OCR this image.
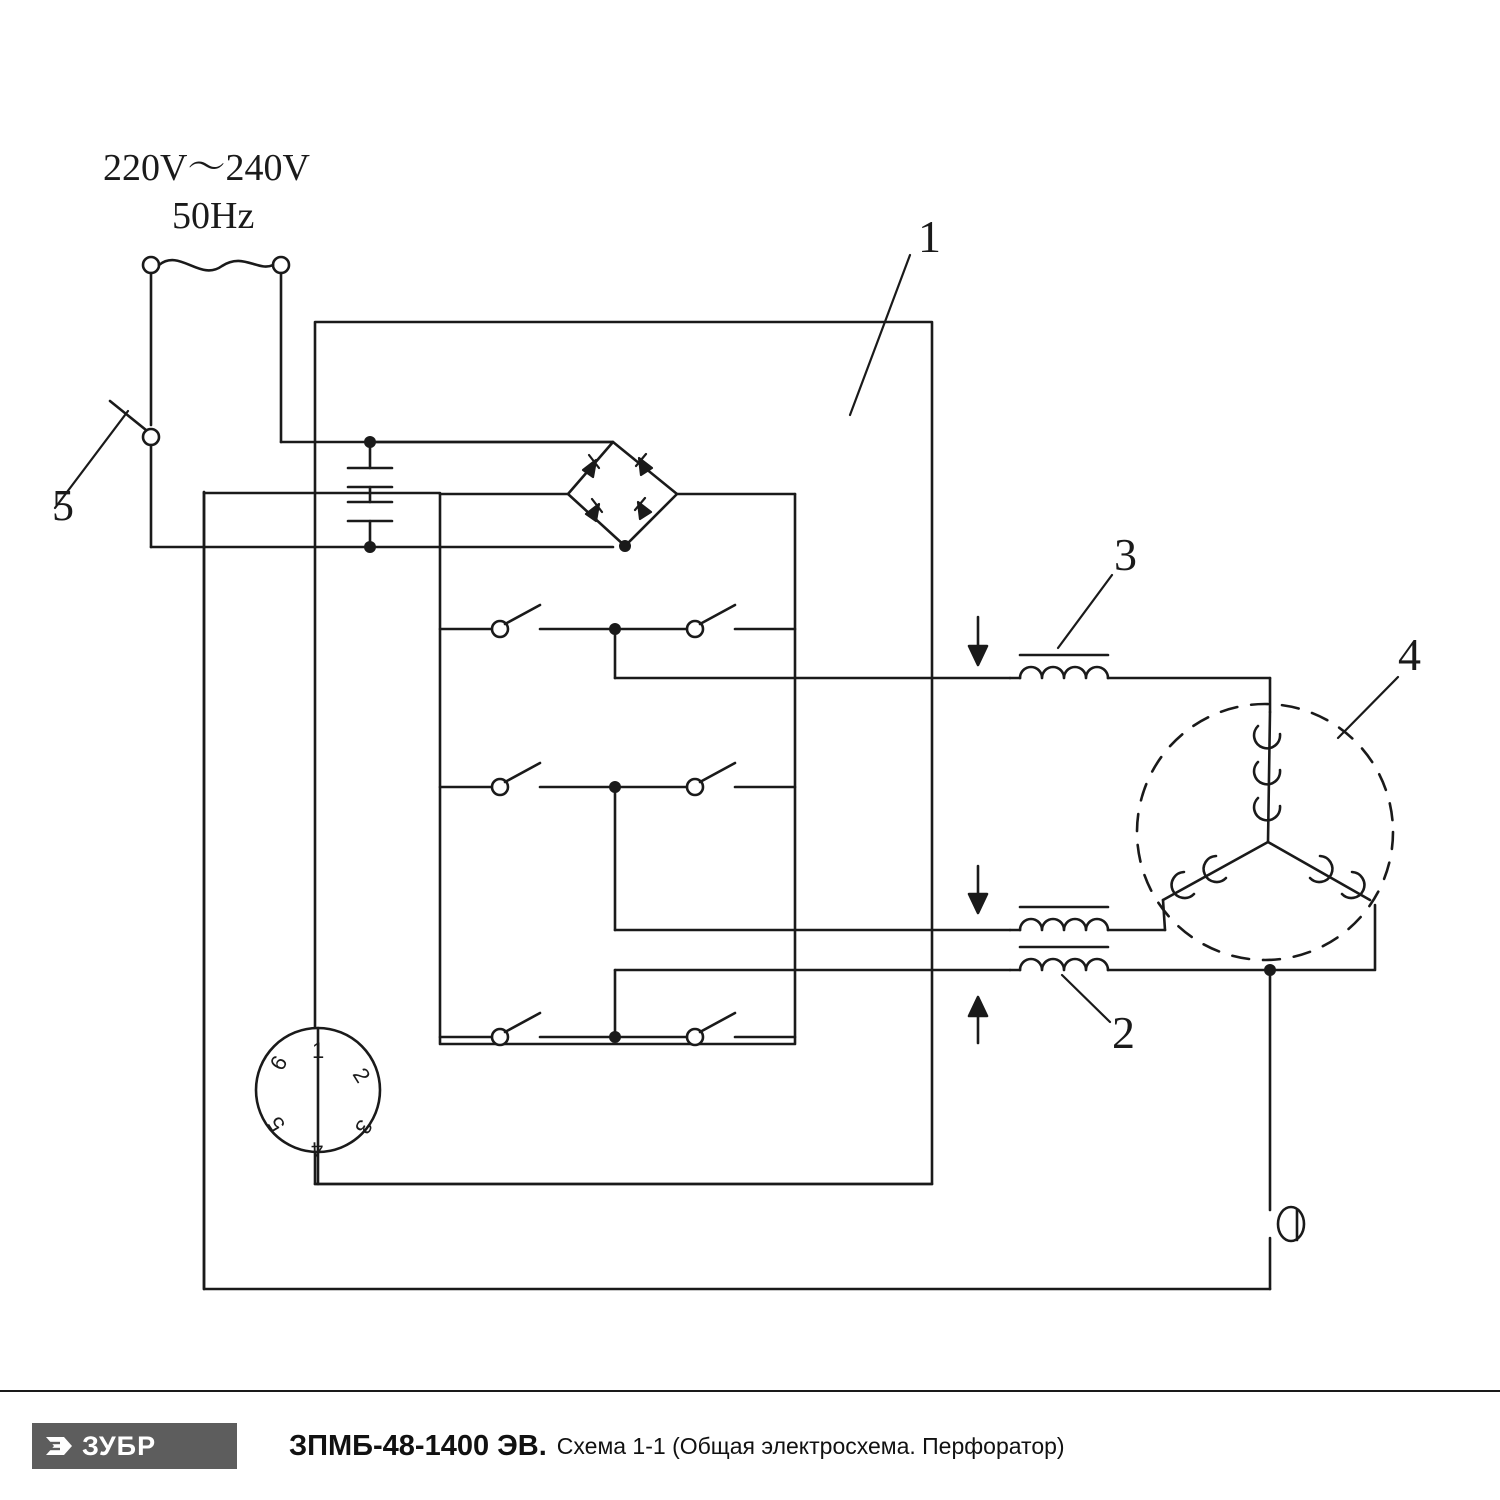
220V～240V
50Hz
5
1
1
2
3
4
5
6
3
2
4
ЗУБР	ЗПМБ-48-1400 ЭВ. Схема 1-1 (Общая электросхема. Перфоратор)
